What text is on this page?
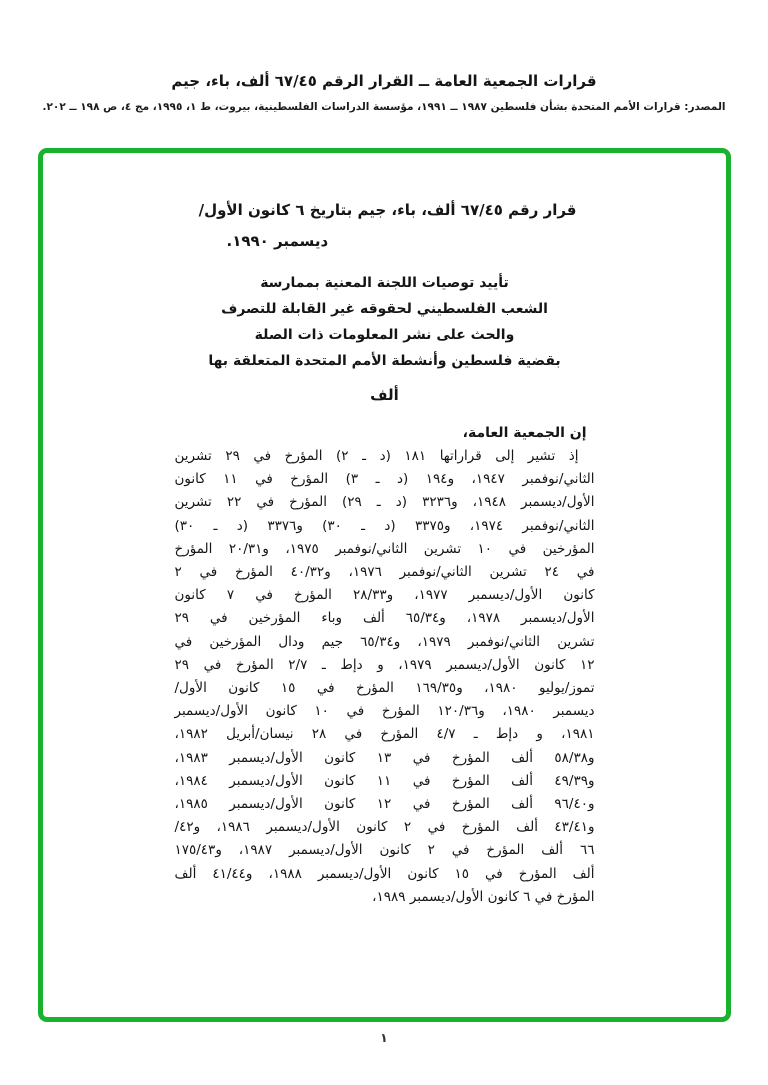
قرارات الجمعية العامة ــ القرار الرقم ٦٧/٤٥ ألف، باء، جيم
المصدر: قرارات الأمم المتحدة بشأن فلسطين ١٩٨٧ ــ ١٩٩١، مؤسسة الدراسات الفلسطينية، بيروت، ط ١، ١٩٩٥، مج ٤، ص ١٩٨ ــ ٢٠٢.
قرار رقم ٦٧/٤٥ ألف، باء، جيم بتاريخ ٦ كانون الأول/
ديسمبر ١٩٩٠.
تأييد توصيات اللجنة المعنية بممارسة
الشعب الفلسطيني لحقوقه غير القابلة للتصرف
والحث على نشر المعلومات ذات الصلة
بقضية فلسطين وأنشطة الأمم المتحدة المتعلقة بها
ألف
إن الجمعية العامة،
إذ تشير إلى قراراتها ١٨١ (د ـ ٢) المؤرخ في ٢٩ تشرين
الثاني/نوفمبر ١٩٤٧، و١٩٤ (د ـ ٣) المؤرخ في ١١ كانون
الأول/ديسمبر ١٩٤٨، و٣٢٣٦ (د ـ ٢٩) المؤرخ في ٢٢ تشرين
الثاني/نوفمبر ١٩٧٤، و٣٣٧٥ (د ـ ٣٠) و٣٣٧٦ (د ـ ٣٠)
المؤرخين في ١٠ تشرين الثاني/نوفمبر ١٩٧٥، و٢٠/٣١ المؤرخ
في ٢٤ تشرين الثاني/نوفمبر ١٩٧٦، و٤٠/٣٢ المؤرخ في ٢
كانون الأول/ديسمبر ١٩٧٧، و٢٨/٣٣ المؤرخ في ٧ كانون
الأول/ديسمبر ١٩٧٨، و٦٥/٣٤ ألف وباء المؤرخين في ٢٩
تشرين الثاني/نوفمبر ١٩٧٩، و٦٥/٣٤ جيم ودال المؤرخين في
١٢ كانون الأول/ديسمبر ١٩٧٩، و دإط ـ ٢/٧ المؤرخ في ٢٩
تموز/يوليو ١٩٨٠، و١٦٩/٣٥ المؤرخ في ١٥ كانون الأول/
ديسمبر ١٩٨٠، و١٢٠/٣٦ المؤرخ في ١٠ كانون الأول/ديسمبر
١٩٨١، و دإط ـ ٤/٧ المؤرخ في ٢٨ نيسان/أبريل ١٩٨٢،
و٥٨/٣٨ ألف المؤرخ في ١٣ كانون الأول/ديسمبر ١٩٨٣،
و٤٩/٣٩ ألف المؤرخ في ١١ كانون الأول/ديسمبر ١٩٨٤،
و٩٦/٤٠ ألف المؤرخ في ١٢ كانون الأول/ديسمبر ١٩٨٥،
و٤٣/٤١ ألف المؤرخ في ٢ كانون الأول/ديسمبر ١٩٨٦، و٤٢/
٦٦ ألف المؤرخ في ٢ كانون الأول/ديسمبر ١٩٨٧، و١٧٥/٤٣
ألف المؤرخ في ١٥ كانون الأول/ديسمبر ١٩٨٨، و٤١/٤٤ ألف
المؤرخ في ٦ كانون الأول/ديسمبر ١٩٨٩،
١
